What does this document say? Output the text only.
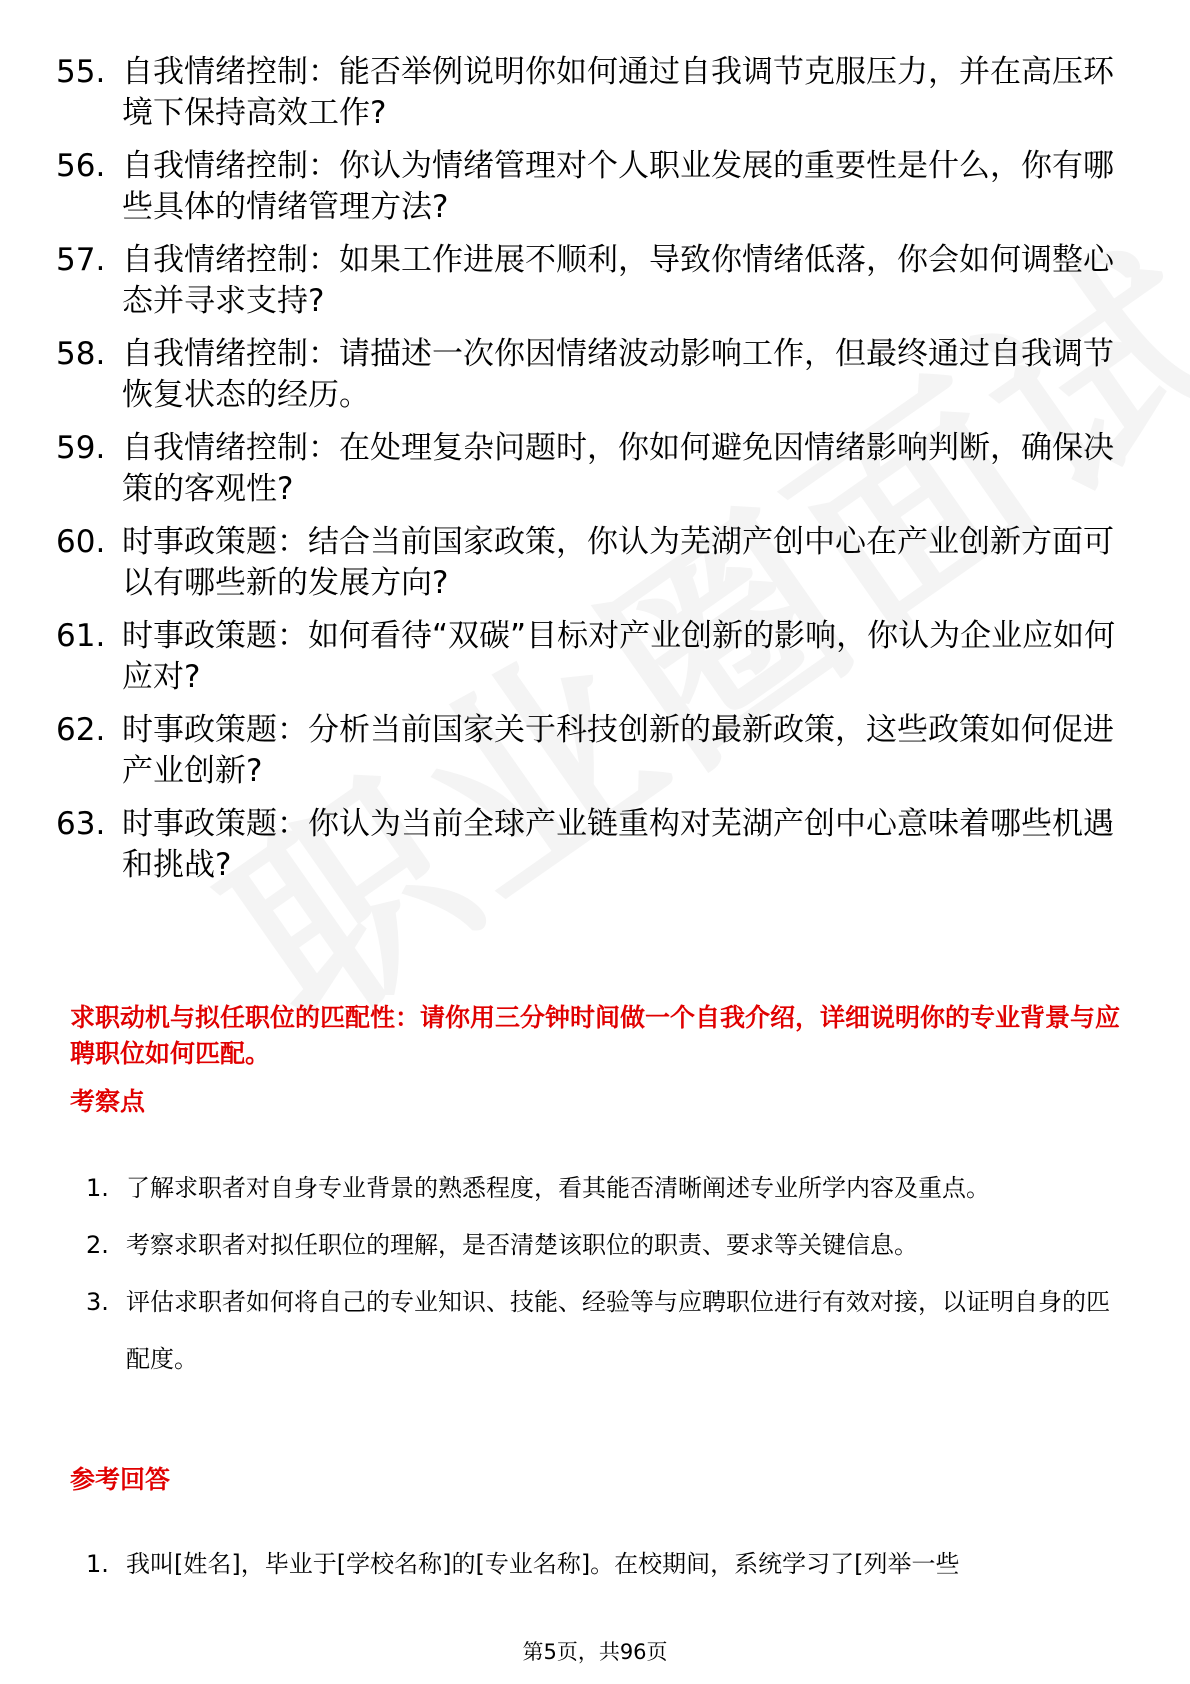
55. 自我情绪控制：能否举例说明你如何通过自我调节克服压力，并在高压环境下保持高效工作?
56. 自我情绪控制：你认为情绪管理对个人职业发展的重要性是什么，你有哪些具体的情绪管理方法?
57. 自我情绪控制：如果工作进展不顺利，导致你情绪低落，你会如何调整心态并寻求支持?
58. 自我情绪控制：请描述一次你因情绪波动影响工作，但最终通过自我调节恢复状态的经历。
59. 自我情绪控制：在处理复杂问题时，你如何避免因情绪影响判断，确保决策的客观性?
60. 时事政策题：结合当前国家政策，你认为芜湖产创中心在产业创新方面可以有哪些新的发展方向?
61. 时事政策题：如何看待“双碳”目标对产业创新的影响，你认为企业应如何应对?
62. 时事政策题：分析当前国家关于科技创新的最新政策，这些政策如何促进产业创新?
63. 时事政策题：你认为当前全球产业链重构对芜湖产创中心意味着哪些机遇和挑战?
求职动机与拟任职位的匹配性：请你用三分钟时间做一个自我介绍，详细说明你的专业背景与应聘职位如何匹配。
考察点
1. 了解求职者对自身专业背景的熟悉程度，看其能否清晰阐述专业所学内容及重点。
2. 考察求职者对拟任职位的理解，是否清楚该职位的职责、要求等关键信息。
3. 评估求职者如何将自己的专业知识、技能、经验等与应聘职位进行有效对接，以证明自身的匹配度。
参考回答
1. 我叫[姓名]，毕业于[学校名称]的[专业名称]。在校期间，系统学习了[列举一些
第5页，共96页
